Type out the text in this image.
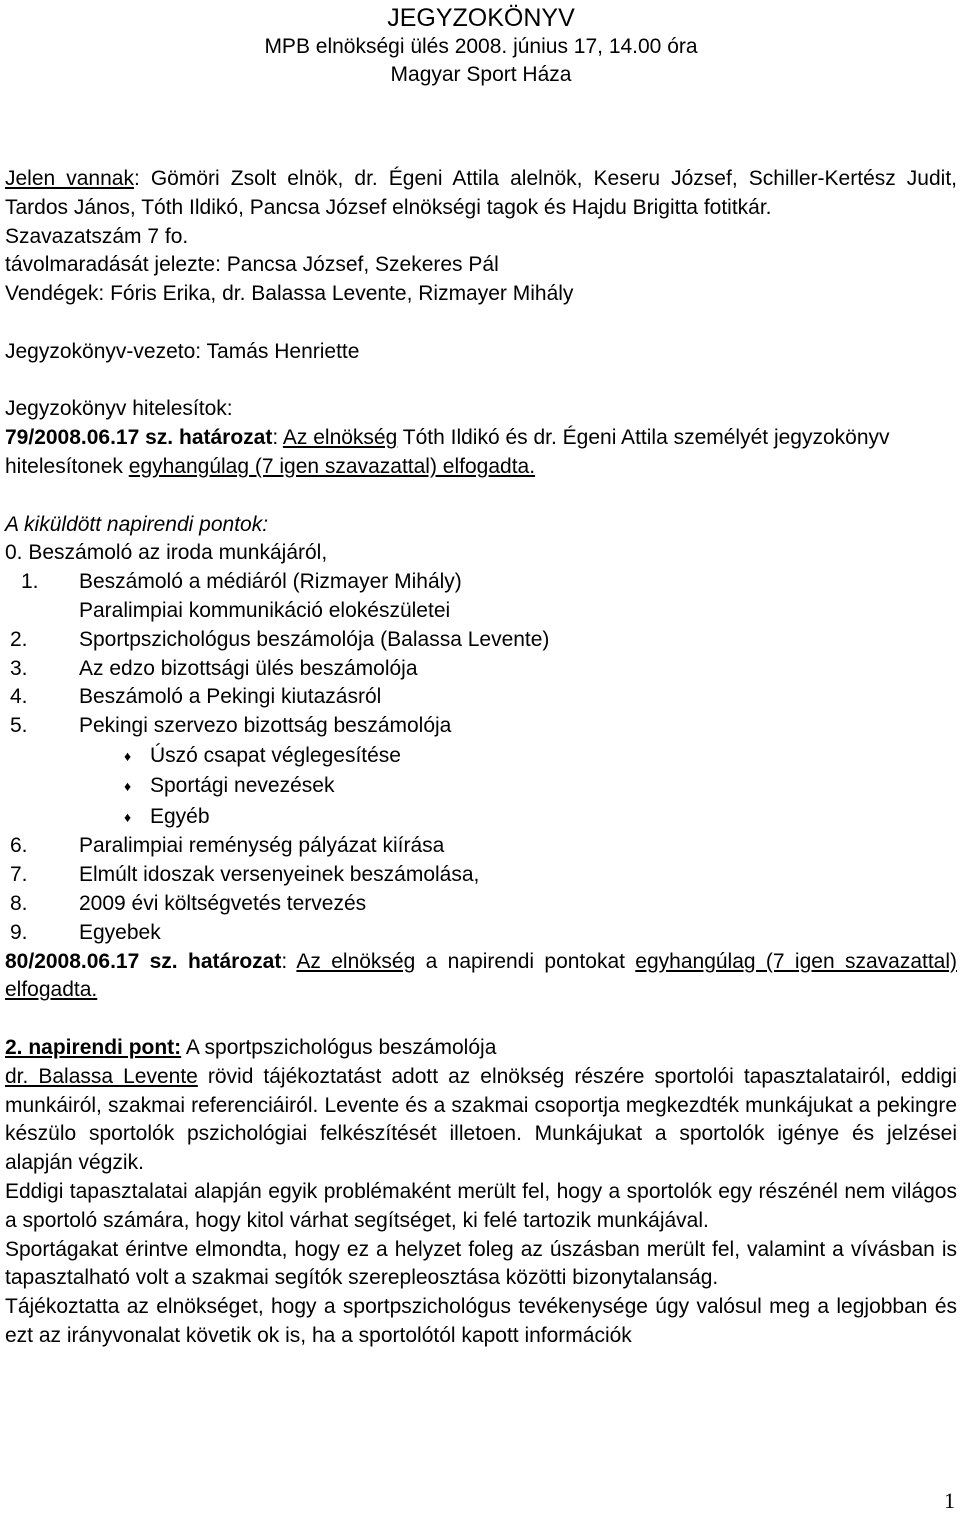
JEGYZOKÖNYV
MPB elnökségi ülés 2008. június 17, 14.00 óra
Magyar Sport Háza
Jelen vannak: Gömöri Zsolt elnök, dr. Égeni Attila alelnök, Keseru József, Schiller-Kertész Judit, Tardos János, Tóth Ildikó, Pancsa József elnökségi tagok és Hajdu Brigitta fotitkár.
Szavazatszám 7 fo.
távolmaradását jelezte: Pancsa József, Szekeres Pál
Vendégek: Fóris Erika, dr. Balassa Levente, Rizmayer Mihály
Jegyzokönyv-vezeto: Tamás Henriette
Jegyzokönyv hitelesítok:
79/2008.06.17 sz. határozat: Az elnökség Tóth Ildikó és dr. Égeni Attila személyét jegyzokönyv hitelesítonek egyhangúlag (7 igen szavazattal) elfogadta.
A kiküldött napirendi pontok:
0. Beszámoló az iroda munkájáról,
1.	Beszámoló a médiáról (Rizmayer Mihály)
Paralimpiai kommunikáció elokészületei
2.	Sportpszichológus beszámolója (Balassa Levente)
3.	Az edzo bizottsági ülés beszámolója
4.	Beszámoló a Pekingi kiutazásról
5.	Pekingi szervezo bizottság beszámolója
♦ Úszó csapat véglegesítése
♦ Sportági nevezések
♦ Egyéb
6.	Paralimpiai reménység pályázat kiírása
7.	Elmúlt idoszak versenyeinek beszámolása,
8.	2009 évi költségvetés tervezés
9.	Egyebek
80/2008.06.17 sz. határozat: Az elnökség a napirendi pontokat egyhangúlag (7 igen szavazattal) elfogadta.
2. napirendi pont: A sportpszichológus beszámolója
dr. Balassa Levente rövid tájékoztatást adott az elnökség részére sportolói tapasztalatairól, eddigi munkáiról, szakmai referenciáiról. Levente és a szakmai csoportja megkezdték munkájukat a pekingre készülo sportolók pszichológiai felkészítését illetoen. Munkájukat a sportolók igénye és jelzései alapján végzik.
Eddigi tapasztalatai alapján egyik problémaként merült fel, hogy a sportolók egy részénél nem világos a sportoló számára, hogy kitol várhat segítséget, ki felé tartozik munkájával.
Sportágakat érintve elmondta, hogy ez a helyzet foleg az úszásban merült fel, valamint a vívásban is tapasztalható volt a szakmai segítók szerepleosztása közötti bizonytalanság.
Tájékoztatta az elnökséget, hogy a sportpszichológus tevékenysége úgy valósul meg a legjobban és ezt az irányvonalat követik ok is, ha a sportolótól kapott információk
1
